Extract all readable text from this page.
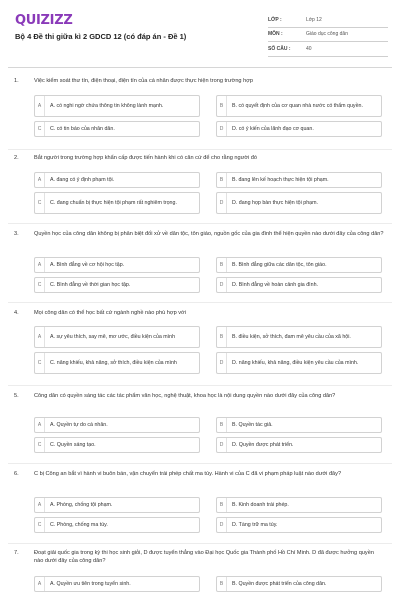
QUIZIZZ
Bộ 4 Đề thi giữa kì 2 GDCD 12 (có đáp án - Đề 1)
LỚP :	Lớp 12
MÔN :	Giáo dục công dân
SỐ CÂU :	40
1.	Việc kiểm soát thư tín, điện thoại, điện tín của cá nhân được thực hiện trong trường hợp
A	A. có nghi ngờ chứa thông tin không lành mạnh.	B	B. có quyết định của cơ quan nhà nước có thẩm quyền.
C	C. có tin báo của nhân dân.	D	D. có ý kiến của lãnh đạo cơ quan.
2.	Bắt người trong trường hợp khẩn cấp được tiến hành khi có căn cứ để cho rằng người đó
A	A. đang có ý định phạm tội.	B	B. đang lên kế hoạch thực hiện tội phạm.
C	C. đang chuẩn bị thực hiện tội phạm rất nghiêm trọng.	D	D. đang họp bàn thực hiện tội phạm.
3.	Quyền học của công dân không bị phân biệt đối xử về dân tộc, tôn giáo, nguồn gốc của gia đình thể hiện quyền nào dưới đây của công dân?
A	A. Bình đẳng về cơ hội học tập.	B	B. Bình đẳng giữa các dân tộc, tôn giáo.
C	C. Bình đẳng về thời gian học tập.	D	D. Bình đẳng về hoàn cảnh gia đình.
4.	Mọi công dân có thể học bất cứ ngành nghề nào phù hợp với
A	A. sự yêu thích, say mê, mơ ước, điều kiện của mình	B	B. điều kiện, sở thích, đam mê yêu cầu của xã hội.
C	C. năng khiếu, khả năng, sở thích, điều kiện của mình	D	D. năng khiếu, khả năng, điều kiện yêu cầu của mình.
5.	Công dân có quyền sáng tác các tác phẩm văn học, nghệ thuật, khoa học là nội dung quyền nào dưới đây của công dân?
A	A. Quyền tự do cá nhân.	B	B. Quyền tác giả.
C	C. Quyền sáng tạo.	D	D. Quyền được phát triển.
6.	C bị Công an bắt vì hành vi buôn bán, vận chuyển trái phép chất ma túy. Hành vi của C đã vi phạm pháp luật nào dưới đây?
A	A. Phòng, chống tội phạm.	B	B. Kinh doanh trái phép.
C	C. Phòng, chống ma túy.	D	D. Tàng trữ ma túy.
7.	Đoạt giải quốc gia trong kỳ thi học sinh giỏi, D được tuyển thẳng vào Đại học Quốc gia Thành phố Hồ Chí Minh. D đã được hưởng quyền nào dưới đây của công dân?
A	A. Quyền ưu tiên trong tuyển sinh.	B	B. Quyền được phát triển của công dân.
